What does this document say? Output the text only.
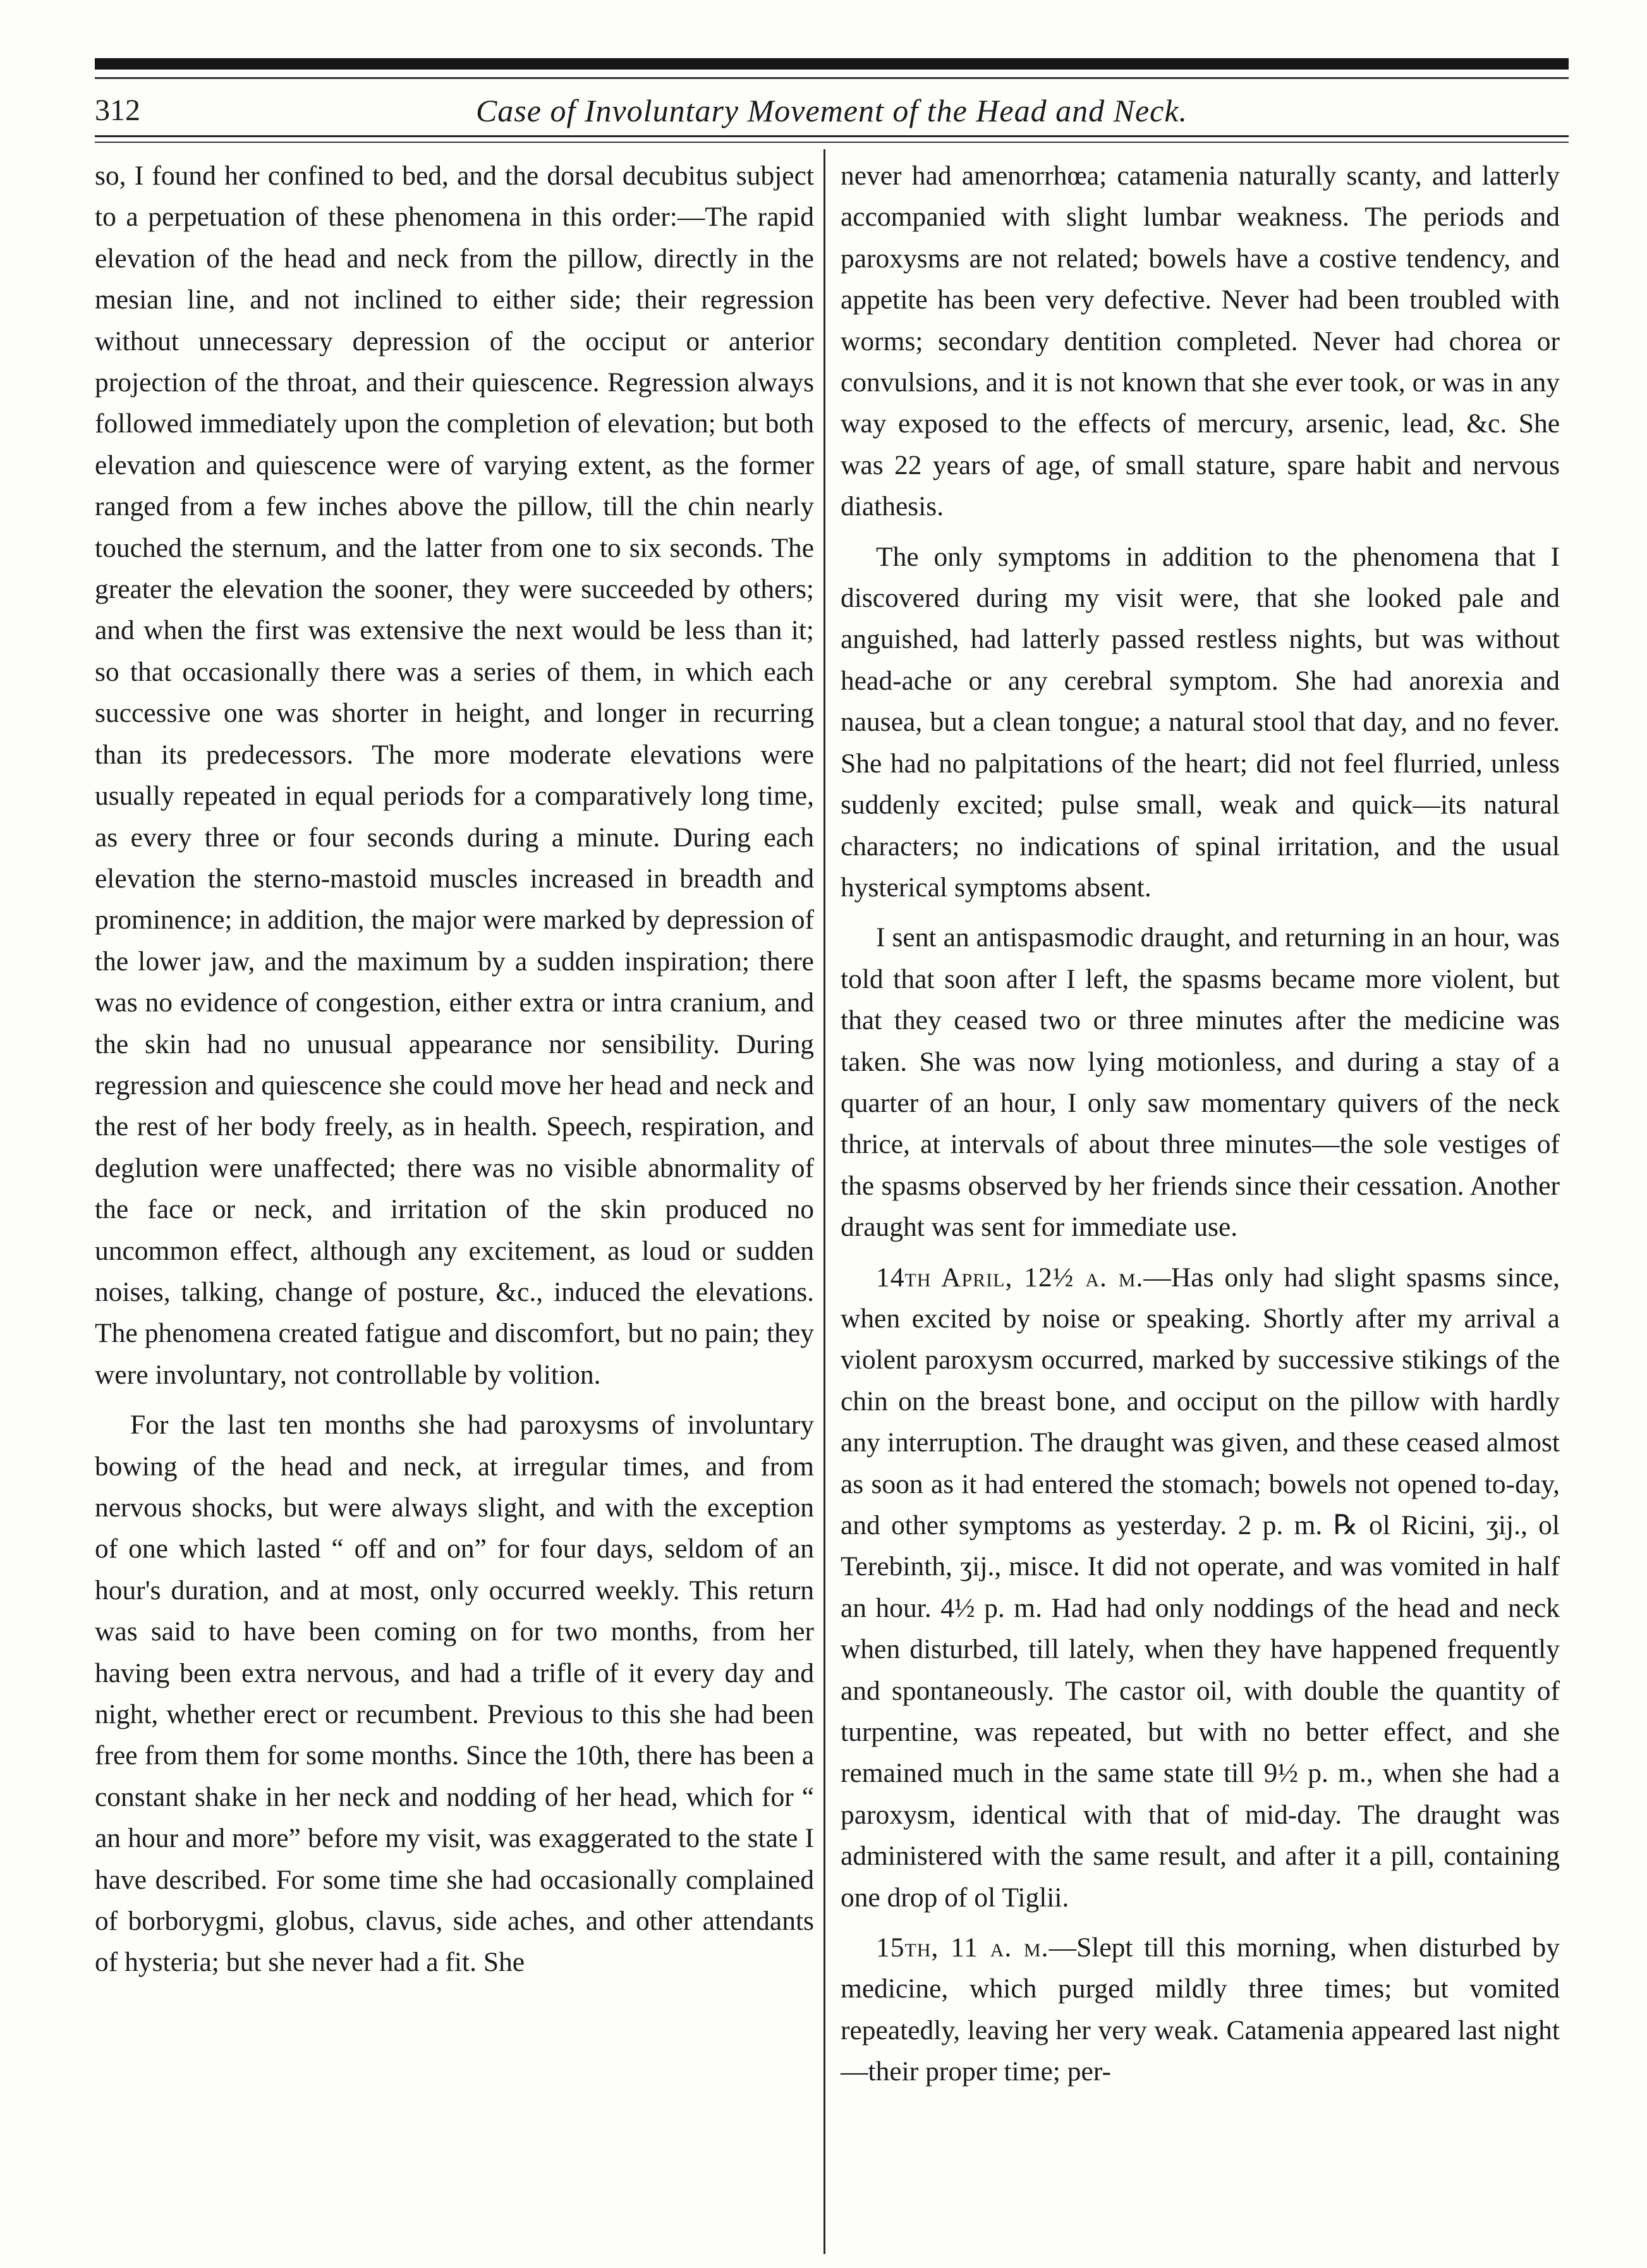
312	Case of Involuntary Movement of the Head and Neck.

so, I found her confined to bed, and the dorsal decubitus subject to a perpetuation of these phenomena in this order:—The rapid elevation of the head and neck from the pillow, directly in the mesian line, and not inclined to either side; their regression without unnecessary depression of the occiput or anterior projection of the throat, and their quiescence. Regression always followed immediately upon the completion of elevation; but both elevation and quiescence were of varying extent, as the former ranged from a few inches above the pillow, till the chin nearly touched the sternum, and the latter from one to six seconds. The greater the elevation the sooner, they were succeeded by others; and when the first was extensive the next would be less than it; so that occasionally there was a series of them, in which each successive one was shorter in height, and longer in recurring than its predecessors. The more moderate elevations were usually repeated in equal periods for a comparatively long time, as every three or four seconds during a minute. During each elevation the sterno-mastoid muscles increased in breadth and prominence; in addition, the major were marked by depression of the lower jaw, and the maximum by a sudden inspiration; there was no evidence of congestion, either extra or intra cranium, and the skin had no unusual appearance nor sensibility. During regression and quiescence she could move her head and neck and the rest of her body freely, as in health. Speech, respiration, and deglution were unaffected; there was no visible abnormality of the face or neck, and irritation of the skin produced no uncommon effect, although any excitement, as loud or sudden noises, talking, change of posture, &c., induced the elevations. The phenomena created fatigue and discomfort, but no pain; they were involuntary, not controllable by volition.

For the last ten months she had paroxysms of involuntary bowing of the head and neck, at irregular times, and from nervous shocks, but were always slight, and with the exception of one which lasted “ off and on” for four days, seldom of an hour's duration, and at most, only occurred weekly. This return was said to have been coming on for two months, from her having been extra nervous, and had a trifle of it every day and night, whether erect or recumbent. Previous to this she had been free from them for some months. Since the 10th, there has been a constant shake in her neck and nodding of her head, which for “ an hour and more” before my visit, was exaggerated to the state I have described. For some time she had occasionally complained of borborygmi, globus, clavus, side aches, and other attendants of hysteria; but she never had a fit. She

never had amenorrhœa; catamenia naturally scanty, and latterly accompanied with slight lumbar weakness. The periods and paroxysms are not related; bowels have a costive tendency, and appetite has been very defective. Never had been troubled with worms; secondary dentition completed. Never had chorea or convulsions, and it is not known that she ever took, or was in any way exposed to the effects of mercury, arsenic, lead, &c. She was 22 years of age, of small stature, spare habit and nervous diathesis.

The only symptoms in addition to the phenomena that I discovered during my visit were, that she looked pale and anguished, had latterly passed restless nights, but was without head-ache or any cerebral symptom. She had anorexia and nausea, but a clean tongue; a natural stool that day, and no fever. She had no palpitations of the heart; did not feel flurried, unless suddenly excited; pulse small, weak and quick—its natural characters; no indications of spinal irritation, and the usual hysterical symptoms absent.

I sent an antispasmodic draught, and returning in an hour, was told that soon after I left, the spasms became more violent, but that they ceased two or three minutes after the medicine was taken. She was now lying motionless, and during a stay of a quarter of an hour, I only saw momentary quivers of the neck thrice, at intervals of about three minutes—the sole vestiges of the spasms observed by her friends since their cessation. Another draught was sent for immediate use.

14th April, 12½ a. m.—Has only had slight spasms since, when excited by noise or speaking. Shortly after my arrival a violent paroxysm occurred, marked by successive stikings of the chin on the breast bone, and occiput on the pillow with hardly any interruption. The draught was given, and these ceased almost as soon as it had entered the stomach; bowels not opened to-day, and other symptoms as yesterday. 2 p. m. ℞ ol Ricini, ʒij., ol Terebinth, ʒij., misce. It did not operate, and was vomited in half an hour. 4½ p. m. Had had only noddings of the head and neck when disturbed, till lately, when they have happened frequently and spontaneously. The castor oil, with double the quantity of turpentine, was repeated, but with no better effect, and she remained much in the same state till 9½ p. m., when she had a paroxysm, identical with that of mid-day. The draught was administered with the same result, and after it a pill, containing one drop of ol Tiglii.

15th, 11 a. m.—Slept till this morning, when disturbed by medicine, which purged mildly three times; but vomited repeatedly, leaving her very weak. Catamenia appeared last night—their proper time; per-
